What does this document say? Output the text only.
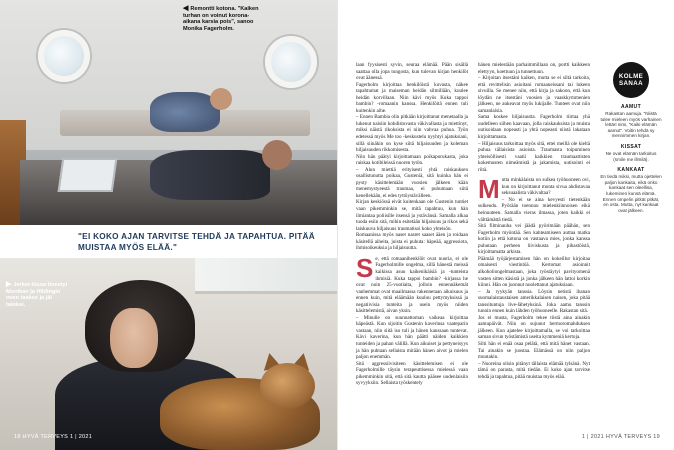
◀ Remontti kotona. "Kaiken turhan on voinut korona-aikana karsia pois", sanoo Monika Fagerholm.
"EI KOKO AJAN TARVITSE TEHDÄ JA TAPAHTUA. PITÄÄ MUISTAA MYÖS ELÄÄ."
▶ Jerker-kissa tinestyi Monikan ja Hildingin oven taakse ja jäi taloksi.
18 HYVÄ TERVEYS 1 | 2021

laan fyysisesti syvin, seuraa elämää. Pään sisällä saattaa olla jopa tungosta, kun tulevan kirjan henkilöt ovat äänessä.

Fagerholm kirjoittaa henkilöistä kuvasta, näkee tapahtumat ja maiseman heidän silmillään, kuulee heidän korvillaan. Niin kävi myös Kuka tappoi bambin? -romaanin kanssa. Henkilöitä ennen tuli kuitenkin aihe.

– Ennen Bambia olin pitkään kirjoittanut menetaalla ja lukenut naisiin kohdistuvasta väkivallasta ja miettinyt, miksi näistä rikoksista ei niin vahvaa puhua. Työn edetessä myös Me too -keskustelu nyyhtyi ajatuksiani, sillä siinäkin on kyse siitä hiljaisuuden ja koleman hiljaisuuden rikkomisesta.

Niin hän päätyi kirjoittamaan poikaporukasta, joka raiskaa kotibileissä nuoren tytön.

– Alun miettiä erityisesti yhtä raiskauksen osallistunutta poikaa, Gusteniä, sitä kuinka hän ei pysty käsittelemään vuosien jälkeen kään menemystyeestä traumaa, ei puhumaan siitä kenellekään, ei edes tyttöystävälleen.

Kirjan keskiössä eivät kuitenkaan ole Gustenin tuntiet vaan pikemminkin se, mitä tapahtuu, kun hän ilmiantaa poliisille itsensä ja ystävänsä. Samalla alkaa tuoda esiin sitä, mihin esitetään hiljaisuus ja rikos sekä laiskuuva hiljaisuus traumatisoi koko yhteisön.

Romaanissa myös naset nasret saaset ääen ja roidaan käsitellä aiheita, joista ei puhuta: häpeää, aggressiota, ihmisoikeuksia ja hiljaisuutta.

Se, että romaanihenkilöt ovat nuoria, ei ole Fagerholmille ongelma, sillä hänestä meissä kaikissa asuu kaikenikäisiä ja -tunteista ihmisiä. Kuka tappoi bambin? -kirjassa he ovat noin 25-vuotiaita, jolloin ennennäkemät vanhemmat ovat maailmassa rakennetaan aikuisuus ja ennen kuin, mitä eläämään kuuluu pettymyksissä ja negatiivisia tunteita ja usein myös niiden käsittelemistä, aivan yksin.

– Minulle on suunnattoman vaikeaa kirjoittaa häpeästä. Kun sijoitin Gustenin kaverinsa vaateparin vastaan, niin siitä iso tuli ja hänen kanssaan tuntevat. Kävi kaverina, kun hän päätti näiden kaikkien tunteiden ja pahan välillä. Kun aikuiset ja pettyneisyys ja hän puhtaan sellaista mitään hänen aivot ja mielen paljon enemmän.

Sitä aggressiivisiteen käsittelemisen ei ole Fagerholmille täysin terapeuttisessa mielessä vaan pikemminkin sitä, että sitä kautta pääsee uudenlaisiin syvyyksiin. Sellaista työskentely

hänen mielestään parhaimmillaan on, portti kaikkeen elettyyn, koettuun ja tunnettuun.

– Kirjoitan itsestäni kaiken, mutta se ei siltä tarkoita, että revittelisin asioitani romaaneissani tai lukeen sivuilla. Se menee niin, että kirja ja sakoon, että kun löydän ne itsestäni vuosien ja vaaskkymmenien jälkeen, ne aukeavat myös lukijalle. Tunteet ovat niin samanlaisia.

Sama koskee hiljaisuutta. Fagerholm tiirtaa yhä uudelleen siihen kaavaan, jolla raiskauksista ja muista uutisoidaan nopeasti ja yhtä nopeasti niistä lakataan kirjoittamasta.

– Hiljaisuus tarkoittaa myös sitä, ettei meillä ole kieltä puhua tällaisista asioista. Traumasta toipuminen yhteisöllisesti vaatii kaikkien traumaattisten kokemusten nimeämistä ja jakamista, uutisointi ei riitä.

Mutta minkälaista on sulkea työhuoneen ovi, kun on kirjoittanut monta sivua ahdistavaa seksuaalista väkivaltaa?

– No ei se aina kevyesti tietenkään sulkeudu. Pyörään toennuu mielenkiinnoisen eikä heinuuteen. Samalla vieras ilmassa, joten kaikki ei välttämättä tiedä.

Sitä filminauha vei jäädä pyörimään päähän, sen Fagerholm myöntää. Sen kahteamiseen auttaa matka kotiin ja että kotona on vastaava mies, jonka kanssa puhutaan perheen liiviskusta ja pihastöistä, kirjoittamatta arkista.

Päämää työjärjestamisen hän on kokeillut kirjoitaa omaisesti viestintöä. Kertomat asioinnit alkoholiongelmastaan, joka ryöstäytyi pavityomenä vasten sitten käsistä ja jonka jälkeen hän lattoi korkin kiinni. Hän on juonnut nuolettanut ajatuksiaan.

– Ja ryykyän tanssia. Löysin netistä ihanan suomalaistaustaisen amerikkalaisen naisen, joka pitää tanssituntuja live-lähetyksinä. Joka aamu tanssin tunnin ennen kuin lähden työhuoneelle. Rakastan sitä.

Jos ei musta, Fagerholm tekee tiistä aina ainakin aamupäivät. Niin on sujunut hermoromahduksen jälkeen. Kun ajatelee kirjoittamalla, se voi tarkoittaa saman sivun työstämistä useita kymmeniä kertoja.

Silti hän ei enää osaa pelätä, että mitä hänet vastaan. Tai ainakin se juostaa. Elämässä on niin paljon muutakin.

– Nuoreina olisin pitänyt tällaista elämää tylsänä. Nyt tämä on parasta, mitä tiedän. Ei koko ajan tarvitse tehdä ja tapahtua, pitää muistaa myös elää.

KOLME
SANAA
AAMUT
Rakastan aamuja. "Niistä tulee mieleen myös varhainen lettäri nimi, "Kaiki elämän aamut". Voitin tehdä sy mennimmen kirjan.
KISSAT
Ne ovat elämän tarkoitus (smile me illmilä).
KANKAAT
En tiedä miksi, mutta ojettelen paljon kankaita, eikä onko kankaat sen oleellisa, lukeminen kunsä elämä. Ennen ompelin pitkät pitkät, en osta. Mutta, nyt kankaat ovat jälkeen.
1 | 2021 HYVÄ TERVEYS 19
